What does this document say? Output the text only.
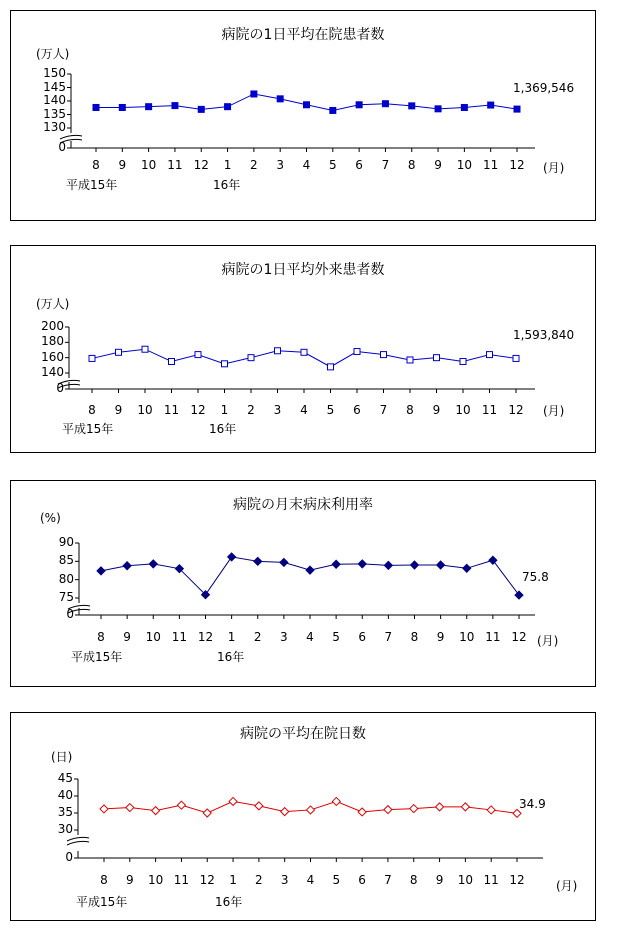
病院の1日平均在院患者数
(万人)
1,369,546
(月)
平成15年	16年
150
145
140
135
130
0
8	9	10 11 12	1	2	3	4	5	6	7	8	9	10 11 12
病院の1日平均外来患者数
(万人)
1,593,840
(月)
平成15年	16年
200
180
160
140
0
8	9	10 11 12	1	2	3	4	5	6	7	8	9	10 11 12
病院の月末病床利用率
(%)
75.8
(月)
平成15年	16年
90
85
80
75
0
8	9	10 11 12	1	2	3	4	5	6	7	8	9	10 11 12
病院の平均在院日数
(日)
34.9
(月)
平成15年	16年
45
40
35
30
0
8	9	10 11 12	1	2	3	4	5	6	7	8	9	10 11 12
